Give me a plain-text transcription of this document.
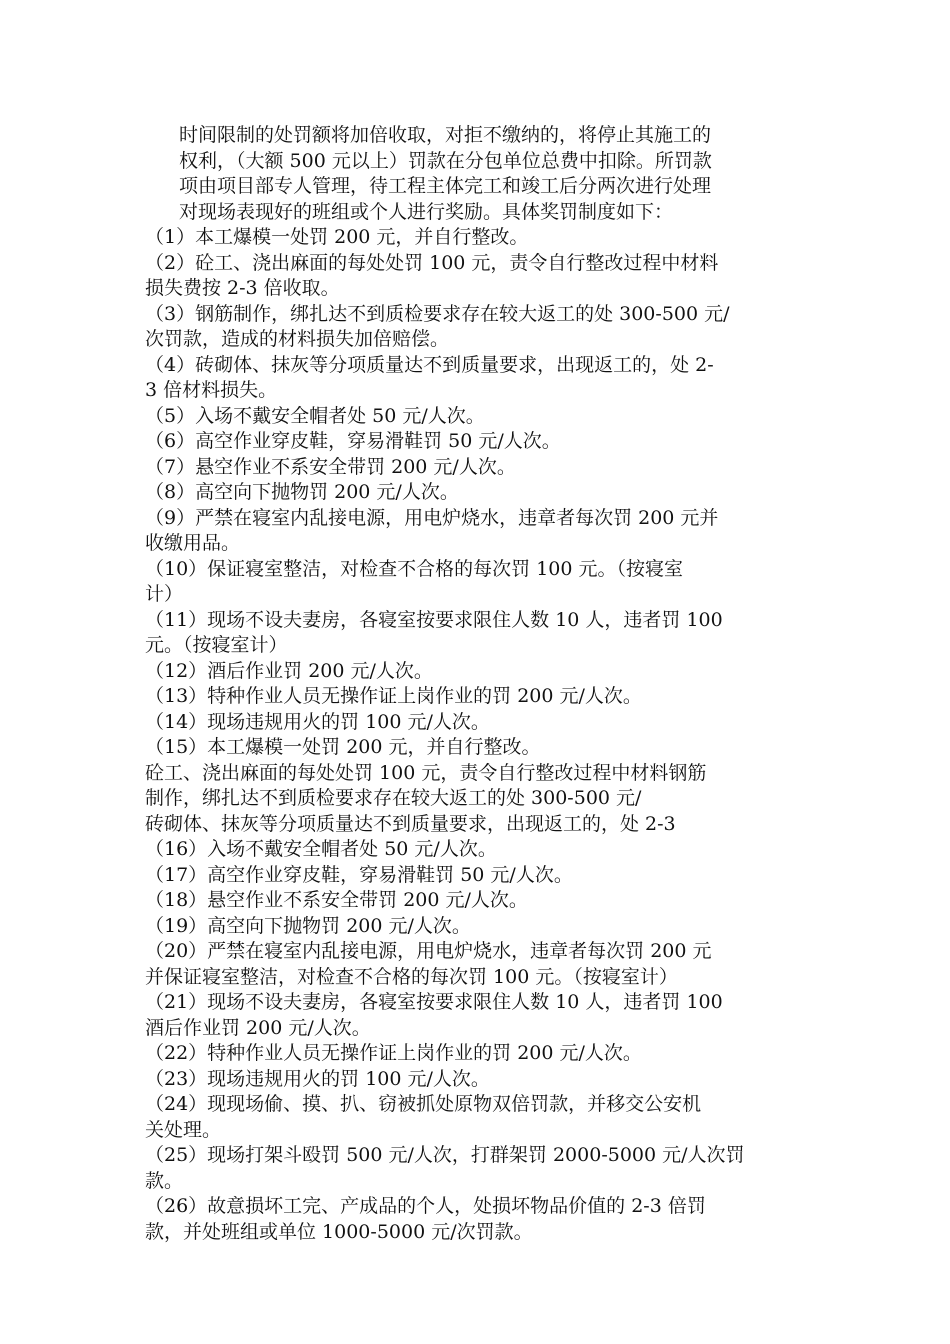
时间限制的处罚额将加倍收取，对拒不缴纳的，将停止其施工的
权利，（大额 500 元以上）罚款在分包单位总费中扣除。所罚款
项由项目部专人管理，待工程主体完工和竣工后分两次进行处理
对现场表现好的班组或个人进行奖励。具体奖罚制度如下：
（1）本工爆模一处罚 200 元，并自行整改。
（2）砼工、浇出麻面的每处处罚 100 元，责令自行整改过程中材料
损失费按 2-3 倍收取。
（3）钢筋制作，绑扎达不到质检要求存在较大返工的处 300-500 元/
次罚款，造成的材料损失加倍赔偿。
（4）砖砌体、抹灰等分项质量达不到质量要求，出现返工的，处 2-
3 倍材料损失。
（5）入场不戴安全帽者处 50 元/人次。
（6）高空作业穿皮鞋，穿易滑鞋罚 50 元/人次。
（7）悬空作业不系安全带罚 200 元/人次。
（8）高空向下抛物罚 200 元/人次。
（9）严禁在寝室内乱接电源，用电炉烧水，违章者每次罚 200 元并
收缴用品。
（10）保证寝室整洁，对检查不合格的每次罚 100 元。（按寝室
计）
（11）现场不设夫妻房，各寝室按要求限住人数 10 人，违者罚 100
元。（按寝室计）
（12）酒后作业罚 200 元/人次。
（13）特种作业人员无操作证上岗作业的罚 200 元/人次。
（14）现场违规用火的罚 100 元/人次。
（15）本工爆模一处罚 200 元，并自行整改。
砼工、浇出麻面的每处处罚 100 元，责令自行整改过程中材料钢筋
制作，绑扎达不到质检要求存在较大返工的处 300-500 元/
砖砌体、抹灰等分项质量达不到质量要求，出现返工的，处 2-3
（16）入场不戴安全帽者处 50 元/人次。
（17）高空作业穿皮鞋，穿易滑鞋罚 50 元/人次。
（18）悬空作业不系安全带罚 200 元/人次。
（19）高空向下抛物罚 200 元/人次。
（20）严禁在寝室内乱接电源，用电炉烧水，违章者每次罚 200 元
并保证寝室整洁，对检查不合格的每次罚 100 元。（按寝室计）
（21）现场不设夫妻房，各寝室按要求限住人数 10 人，违者罚 100
酒后作业罚 200 元/人次。
（22）特种作业人员无操作证上岗作业的罚 200 元/人次。
（23）现场违规用火的罚 100 元/人次。
（24）现现场偷、摸、扒、窃被抓处原物双倍罚款，并移交公安机
关处理。
（25）现场打架斗殴罚 500 元/人次，打群架罚 2000-5000 元/人次罚
款。
（26）故意损坏工完、产成品的个人，处损坏物品价值的 2-3 倍罚
款，并处班组或单位 1000-5000 元/次罚款。
